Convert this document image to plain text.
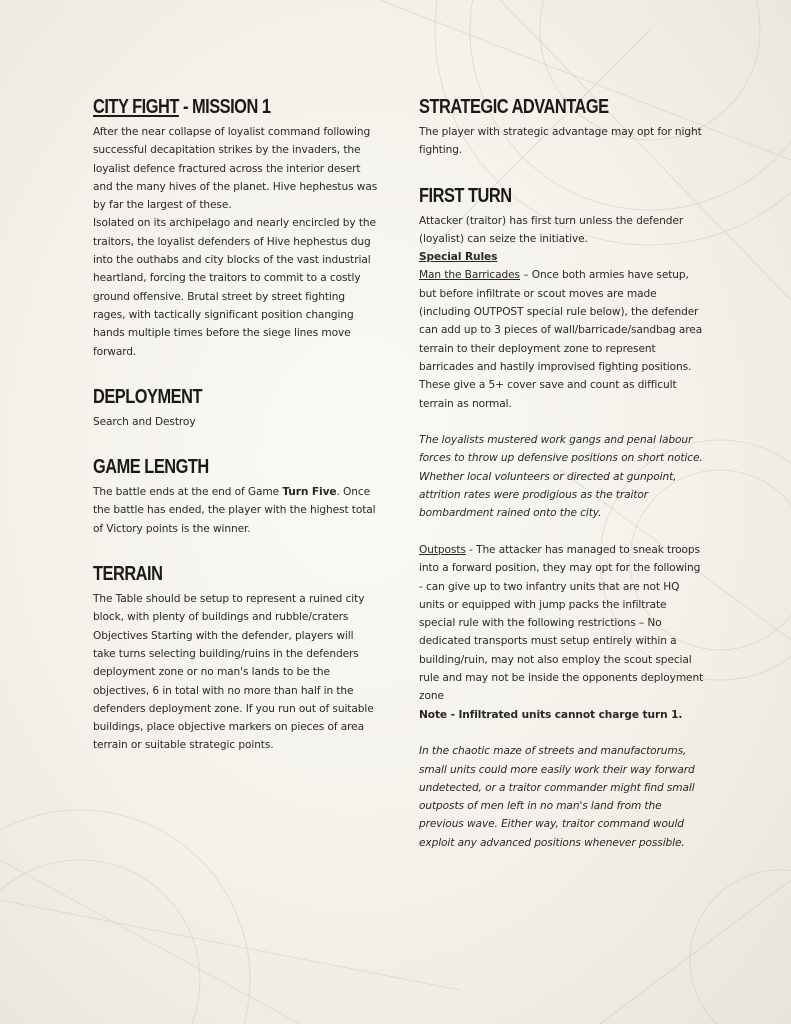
CITY FIGHT - MISSION 1

After the near collapse of loyalist command following successful decapitation strikes by the invaders, the loyalist defence fractured across the interior desert and the many hives of the planet. Hive hephestus was by far the largest of these.

Isolated on its archipelago and nearly encircled by the traitors, the loyalist defenders of Hive hephestus dug into the outhabs and city blocks of the vast industrial heartland, forcing the traitors to commit to a costly ground offensive. Brutal street by street fighting rages, with tactically significant position changing hands multiple times before the siege lines move forward.

DEPLOYMENT

Search and Destroy

GAME LENGTH

The battle ends at the end of Game Turn Five. Once the battle has ended, the player with the highest total of Victory points is the winner.

TERRAIN

The Table should be setup to represent a ruined city block, with plenty of buildings and rubble/craters Objectives Starting with the defender, players will take turns selecting building/ruins in the defenders deployment zone or no man's lands to be the objectives, 6 in total with no more than half in the defenders deployment zone. If you run out of suitable buildings, place objective markers on pieces of area terrain or suitable strategic points.

STRATEGIC ADVANTAGE

The player with strategic advantage may opt for night fighting.

FIRST TURN

Attacker (traitor) has first turn unless the defender (loyalist) can seize the initiative.

Special Rules

Man the Barricades – Once both armies have setup, but before infiltrate or scout moves are made (including OUTPOST special rule below), the defender can add up to 3 pieces of wall/barricade/sandbag area terrain to their deployment zone to represent barricades and hastily improvised fighting positions. These give a 5+ cover save and count as difficult terrain as normal.

The loyalists mustered work gangs and penal labour forces to throw up defensive positions on short notice. Whether local volunteers or directed at gunpoint, attrition rates were prodigious as the traitor bombardment rained onto the city.

Outposts - The attacker has managed to sneak troops into a forward position, they may opt for the following - can give up to two infantry units that are not HQ units or equipped with jump packs the infiltrate special rule with the following restrictions – No dedicated transports must setup entirely within a building/ruin, may not also employ the scout special rule and may not be inside the opponents deployment zone

Note - Infiltrated units cannot charge turn 1.

In the chaotic maze of streets and manufactorums, small units could more easily work their way forward undetected, or a traitor commander might find small outposts of men left in no man's land from the previous wave. Either way, traitor command would exploit any advanced positions whenever possible.
